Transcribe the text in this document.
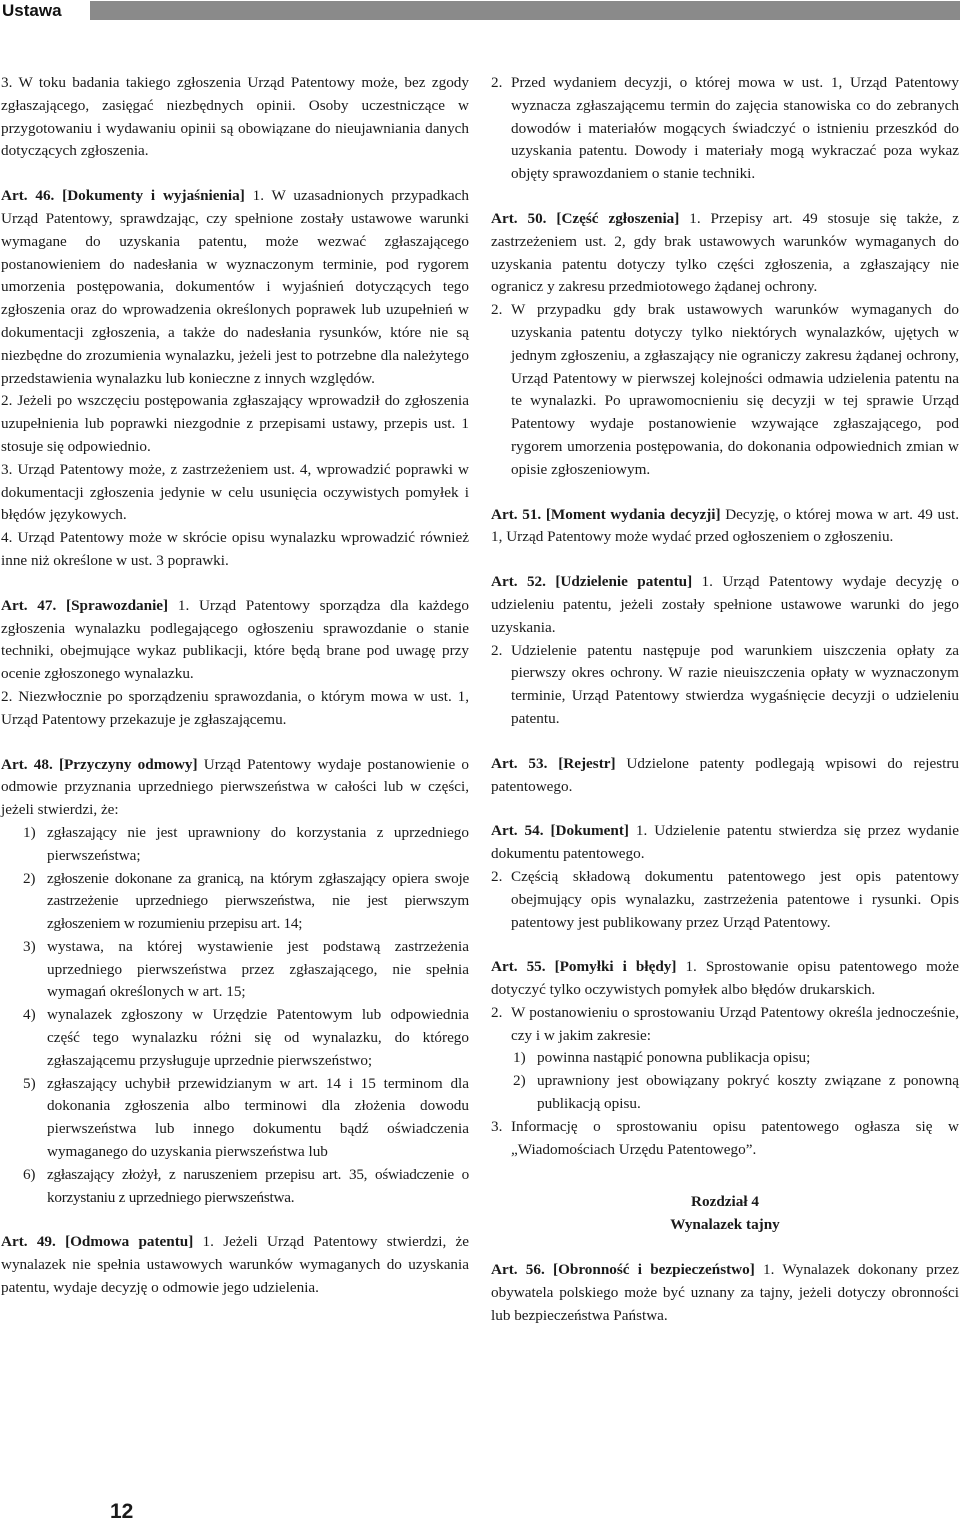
Ustawa

3. W toku badania takiego zgłoszenia Urząd Patentowy może, bez zgody zgłaszającego, zasięgać niezbędnych opinii. Osoby uczestniczące w przygotowaniu i wydawaniu opinii są obowiązane do nieujawniania danych dotyczących zgłoszenia.

Art. 46. [Dokumenty i wyjaśnienia] 1. W uzasadnionych przypadkach Urząd Patentowy, sprawdzając, czy spełnione zostały ustawowe warunki wymagane do uzyskania patentu, może wezwać zgłaszającego postanowieniem do nadesłania w wyznaczonym terminie, pod rygorem umorzenia postępowania, dokumentów i wyjaśnień dotyczących tego zgłoszenia oraz do wprowadzenia określonych poprawek lub uzupełnień w dokumentacji zgłoszenia, a także do nadesłania rysunków, które nie są niezbędne do zrozumienia wynalazku, jeżeli jest to potrzebne dla należytego przedstawienia wynalazku lub konieczne z innych względów.

2. Jeżeli po wszczęciu postępowania zgłaszający wprowadził do zgłoszenia uzupełnienia lub poprawki niezgodnie z przepisami ustawy, przepis ust. 1 stosuje się odpowiednio.

3. Urząd Patentowy może, z zastrzeżeniem ust. 4, wprowadzić poprawki w dokumentacji zgłoszenia jedynie w celu usunięcia oczywistych pomyłek i błędów językowych.

4. Urząd Patentowy może w skrócie opisu wynalazku wprowadzić również inne niż określone w ust. 3 poprawki.

Art. 47. [Sprawozdanie] 1. Urząd Patentowy sporządza dla każdego zgłoszenia wynalazku podlegającego ogłoszeniu sprawozdanie o stanie techniki, obejmujące wykaz publikacji, które będą brane pod uwagę przy ocenie zgłoszonego wynalazku.

2. Niezwłocznie po sporządzeniu sprawozdania, o którym mowa w ust. 1, Urząd Patentowy przekazuje je zgłaszającemu.

Art. 48. [Przyczyny odmowy] Urząd Patentowy wydaje postanowienie o odmowie przyznania uprzedniego pierwszeństwa w całości lub w części, jeżeli stwierdzi, że:

1) zgłaszający nie jest uprawniony do korzystania z uprzedniego pierwszeństwa;

2) zgłoszenie dokonane za granicą, na którym zgłaszający opiera swoje zastrzeżenie uprzedniego pierwszeństwa, nie jest pierwszym zgłoszeniem w rozumieniu przepisu art. 14;

3) wystawa, na której wystawienie jest podstawą zastrzeżenia uprzedniego pierwszeństwa przez zgłaszającego, nie spełnia wymagań określonych w art. 15;

4) wynalazek zgłoszony w Urzędzie Patentowym lub odpowiednia część tego wynalazku różni się od wynalazku, do którego zgłaszającemu przysługuje uprzednie pierwszeństwo;

5) zgłaszający uchybił przewidzianym w art. 14 i 15 terminom dla dokonania zgłoszenia albo terminowi dla złożenia dowodu pierwszeństwa lub innego dokumentu bądź oświadczenia wymaganego do uzyskania pierwszeństwa lub

6) zgłaszający złożył, z naruszeniem przepisu art. 35, oświadczenie o korzystaniu z uprzedniego pierwszeństwa.

Art. 49. [Odmowa patentu] 1. Jeżeli Urząd Patentowy stwierdzi, że wynalazek nie spełnia ustawowych warunków wymaganych do uzyskania patentu, wydaje decyzję o odmowie jego udzielenia.

2. Przed wydaniem decyzji, o której mowa w ust. 1, Urząd Patentowy wyznacza zgłaszającemu termin do zajęcia stanowiska co do zebranych dowodów i materiałów mogących świadczyć o istnieniu przeszkód do uzyskania patentu. Dowody i materiały mogą wykraczać poza wykaz objęty sprawozdaniem o stanie techniki.

Art. 50. [Część zgłoszenia] 1. Przepisy art. 49 stosuje się także, z zastrzeżeniem ust. 2, gdy brak ustawowych warunków wymaganych do uzyskania patentu dotyczy tylko części zgłoszenia, a zgłaszający nie ogranicz y zakresu przedmiotowego żądanej ochrony.

2. W przypadku gdy brak ustawowych warunków wymaganych do uzyskania patentu dotyczy tylko niektórych wynalazków, ujętych w jednym zgłoszeniu, a zgłaszający nie ograniczy zakresu żądanej ochrony, Urząd Patentowy w pierwszej kolejności odmawia udzielenia patentu na te wynalazki. Po uprawomocnieniu się decyzji w tej sprawie Urząd Patentowy wydaje postanowienie wzywające zgłaszającego, pod rygorem umorzenia postępowania, do dokonania odpowiednich zmian w opisie zgłoszeniowym.

Art. 51. [Moment wydania decyzji] Decyzję, o której mowa w art. 49 ust. 1, Urząd Patentowy może wydać przed ogłoszeniem o zgłoszeniu.

Art. 52. [Udzielenie patentu] 1. Urząd Patentowy wydaje decyzję o udzieleniu patentu, jeżeli zostały spełnione ustawowe warunki do jego uzyskania.

2. Udzielenie patentu następuje pod warunkiem uiszczenia opłaty za pierwszy okres ochrony. W razie nieuiszczenia opłaty w wyznaczonym terminie, Urząd Patentowy stwierdza wygaśnięcie decyzji o udzieleniu patentu.

Art. 53. [Rejestr] Udzielone patenty podlegają wpisowi do rejestru patentowego.

Art. 54. [Dokument] 1. Udzielenie patentu stwierdza się przez wydanie dokumentu patentowego.

2. Częścią składową dokumentu patentowego jest opis patentowy obejmujący opis wynalazku, zastrzeżenia patentowe i rysunki. Opis patentowy jest publikowany przez Urząd Patentowy.

Art. 55. [Pomyłki i błędy] 1. Sprostowanie opisu patentowego może dotyczyć tylko oczywistych pomyłek albo błędów drukarskich.

2. W postanowieniu o sprostowaniu Urząd Patentowy określa jednocześnie, czy i w jakim zakresie:

1) powinna nastąpić ponowna publikacja opisu;

2) uprawniony jest obowiązany pokryć koszty związane z ponowną publikacją opisu.

3. Informację o sprostowaniu opisu patentowego ogłasza się w „Wiadomościach Urzędu Patentowego”.

Rozdział 4

Wynalazek tajny

Art. 56. [Obronność i bezpieczeństwo] 1. Wynalazek dokonany przez obywatela polskiego może być uznany za tajny, jeżeli dotyczy obronności lub bezpieczeństwa Państwa.

12
